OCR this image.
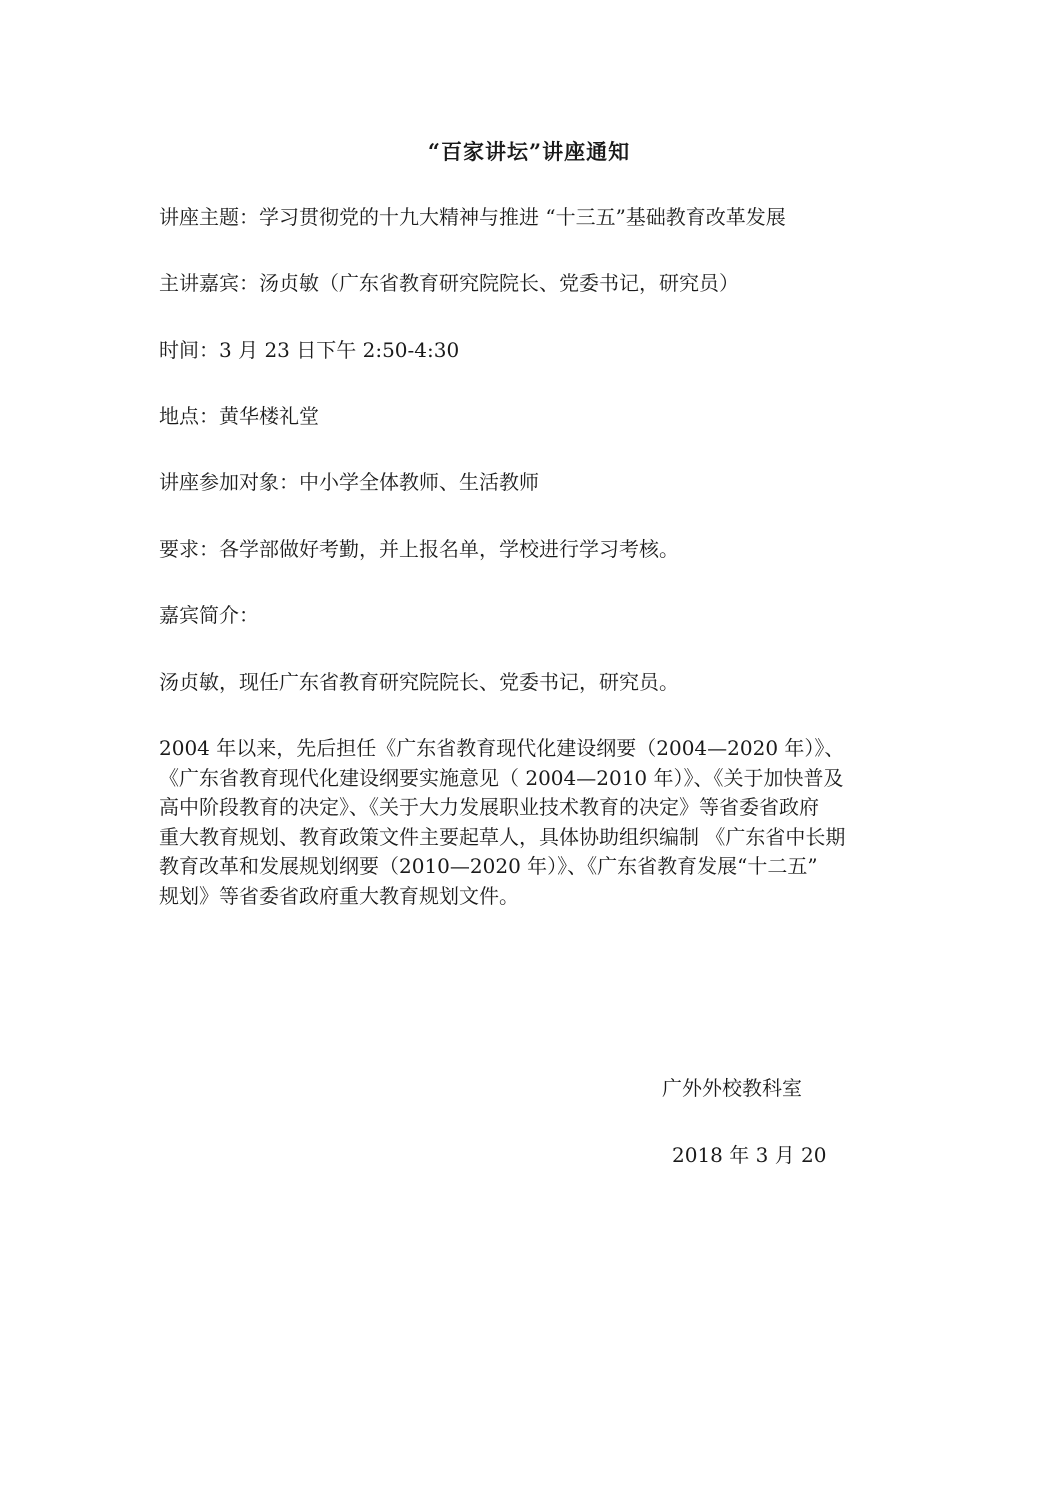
“百家讲坛”讲座通知
讲座主题：学习贯彻党的十九大精神与推进 “十三五”基础教育改革发展
主讲嘉宾：汤贞敏（广东省教育研究院院长、党委书记，研究员）
时间：3 月 23 日下午 2:50-4:30
地点：黄华楼礼堂
讲座参加对象：中小学全体教师、生活教师
要求：各学部做好考勤，并上报名单，学校进行学习考核。
嘉宾简介：
汤贞敏，现任广东省教育研究院院长、党委书记，研究员。
2004 年以来，先后担任《广东省教育现代化建设纲要（2004—2020 年）》、
《广东省教育现代化建设纲要实施意见（ 2004—2010 年）》、《关于加快普及
高中阶段教育的决定》、《关于大力发展职业技术教育的决定》等省委省政府
重大教育规划、教育政策文件主要起草人，具体协助组织编制 《广东省中长期
教育改革和发展规划纲要（2010—2020 年）》、《广东省教育发展“十二五”
规划》等省委省政府重大教育规划文件。
广外外校教科室
2018 年 3 月 20
